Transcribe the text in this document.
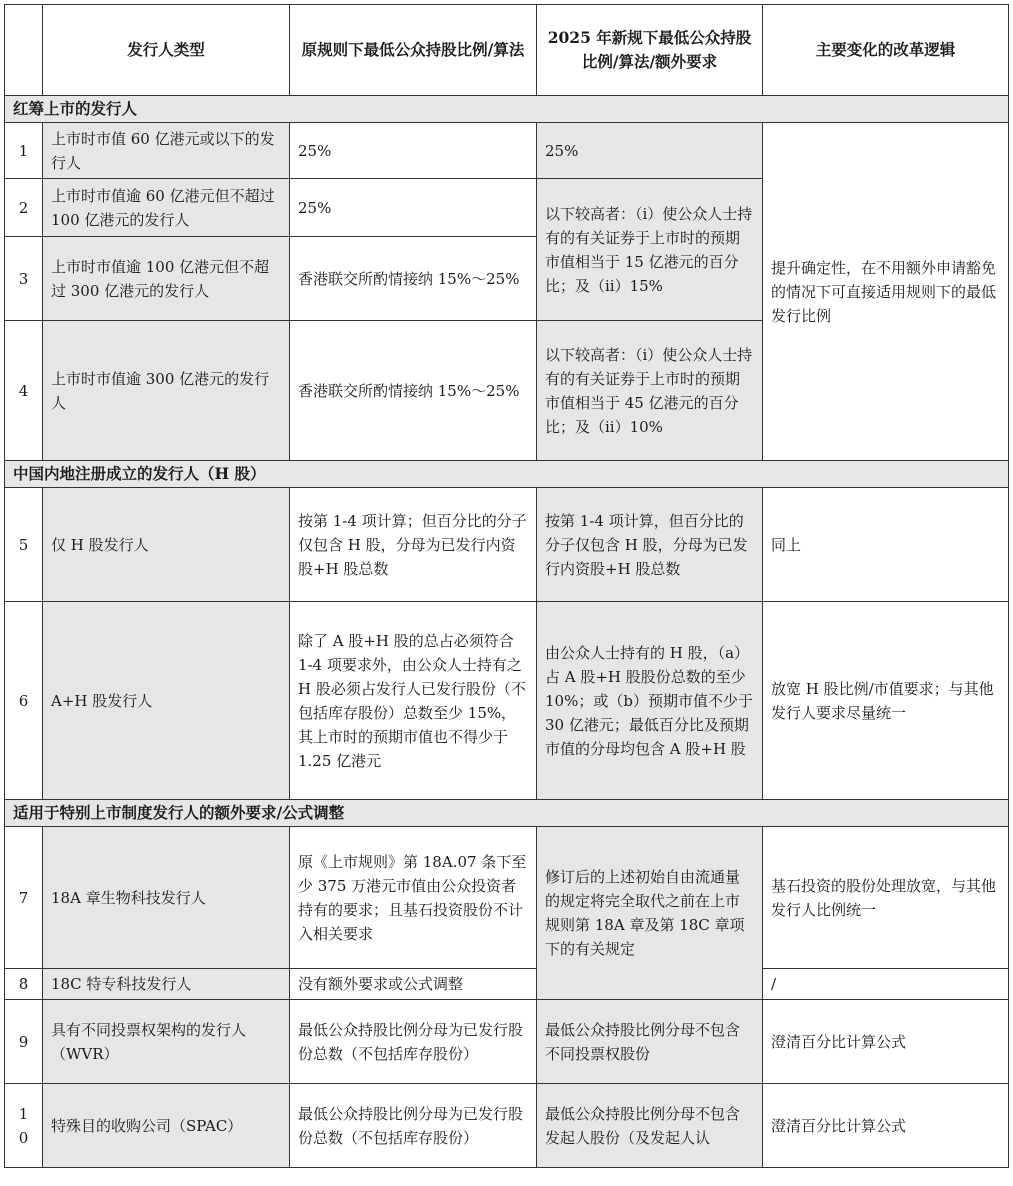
	发行人类型	原规则下最低公众持股比例/算法	2025 年新规下最低公众持股比例/算法/额外要求	主要变化的改革逻辑
红筹上市的发行人				
1	上市时市值 60 亿港元或以下的发行人	25%	25%	提升确定性，在不用额外申请豁免的情况下可直接适用规则下的最低发行比例
2	上市时市值逾 60 亿港元但不超过 100 亿港元的发行人	25%	以下较高者：（i）使公众人士持有的有关证券于上市时的预期市值相当于 15 亿港元的百分比；及（ii）15%	
3	上市时市值逾 100 亿港元但不超过 300 亿港元的发行人	香港联交所酌情接纳 15%～25%		
4	上市时市值逾 300 亿港元的发行人	香港联交所酌情接纳 15%～25%	以下较高者：（i）使公众人士持有的有关证券于上市时的预期市值相当于 45 亿港元的百分比；及（ii）10%	
中国内地注册成立的发行人（H 股）				
5	仅 H 股发行人	按第 1-4 项计算；但百分比的分子仅包含 H 股，分母为已发行内资股+H 股总数	按第 1-4 项计算，但百分比的分子仅包含 H 股，分母为已发行内资股+H 股总数	同上
6	A+H 股发行人	除了 A 股+H 股的总占必须符合 1-4 项要求外，由公众人士持有之 H 股必须占发行人已发行股份（不包括库存股份）总数至少 15%，其上市时的预期市值也不得少于 1.25 亿港元	由公众人士持有的 H 股，（a）占 A 股+H 股股份总数的至少 10%；或（b）预期市值不少于 30 亿港元；最低百分比及预期市值的分母均包含 A 股+H 股	放宽 H 股比例/市值要求；与其他发行人要求尽量统一
适用于特别上市制度发行人的额外要求/公式调整				
7	18A 章生物科技发行人	原《上市规则》第 18A.07 条下至少 375 万港元市值由公众投资者持有的要求；且基石投资股份不计入相关要求	修订后的上述初始自由流通量的规定将完全取代之前在上市规则第 18A 章及第 18C 章项下的有关规定	基石投资的股份处理放宽，与其他发行人比例统一
8	18C 特专科技发行人	没有额外要求或公式调整		/
9	具有不同投票权架构的发行人（WVR）	最低公众持股比例分母为已发行股份总数（不包括库存股份）	最低公众持股比例分母不包含不同投票权股份	澄清百分比计算公式
10	特殊目的收购公司（SPAC）	最低公众持股比例分母为已发行股份总数（不包括库存股份）	最低公众持股比例分母不包含发起人股份（及发起人认	澄清百分比计算公式
